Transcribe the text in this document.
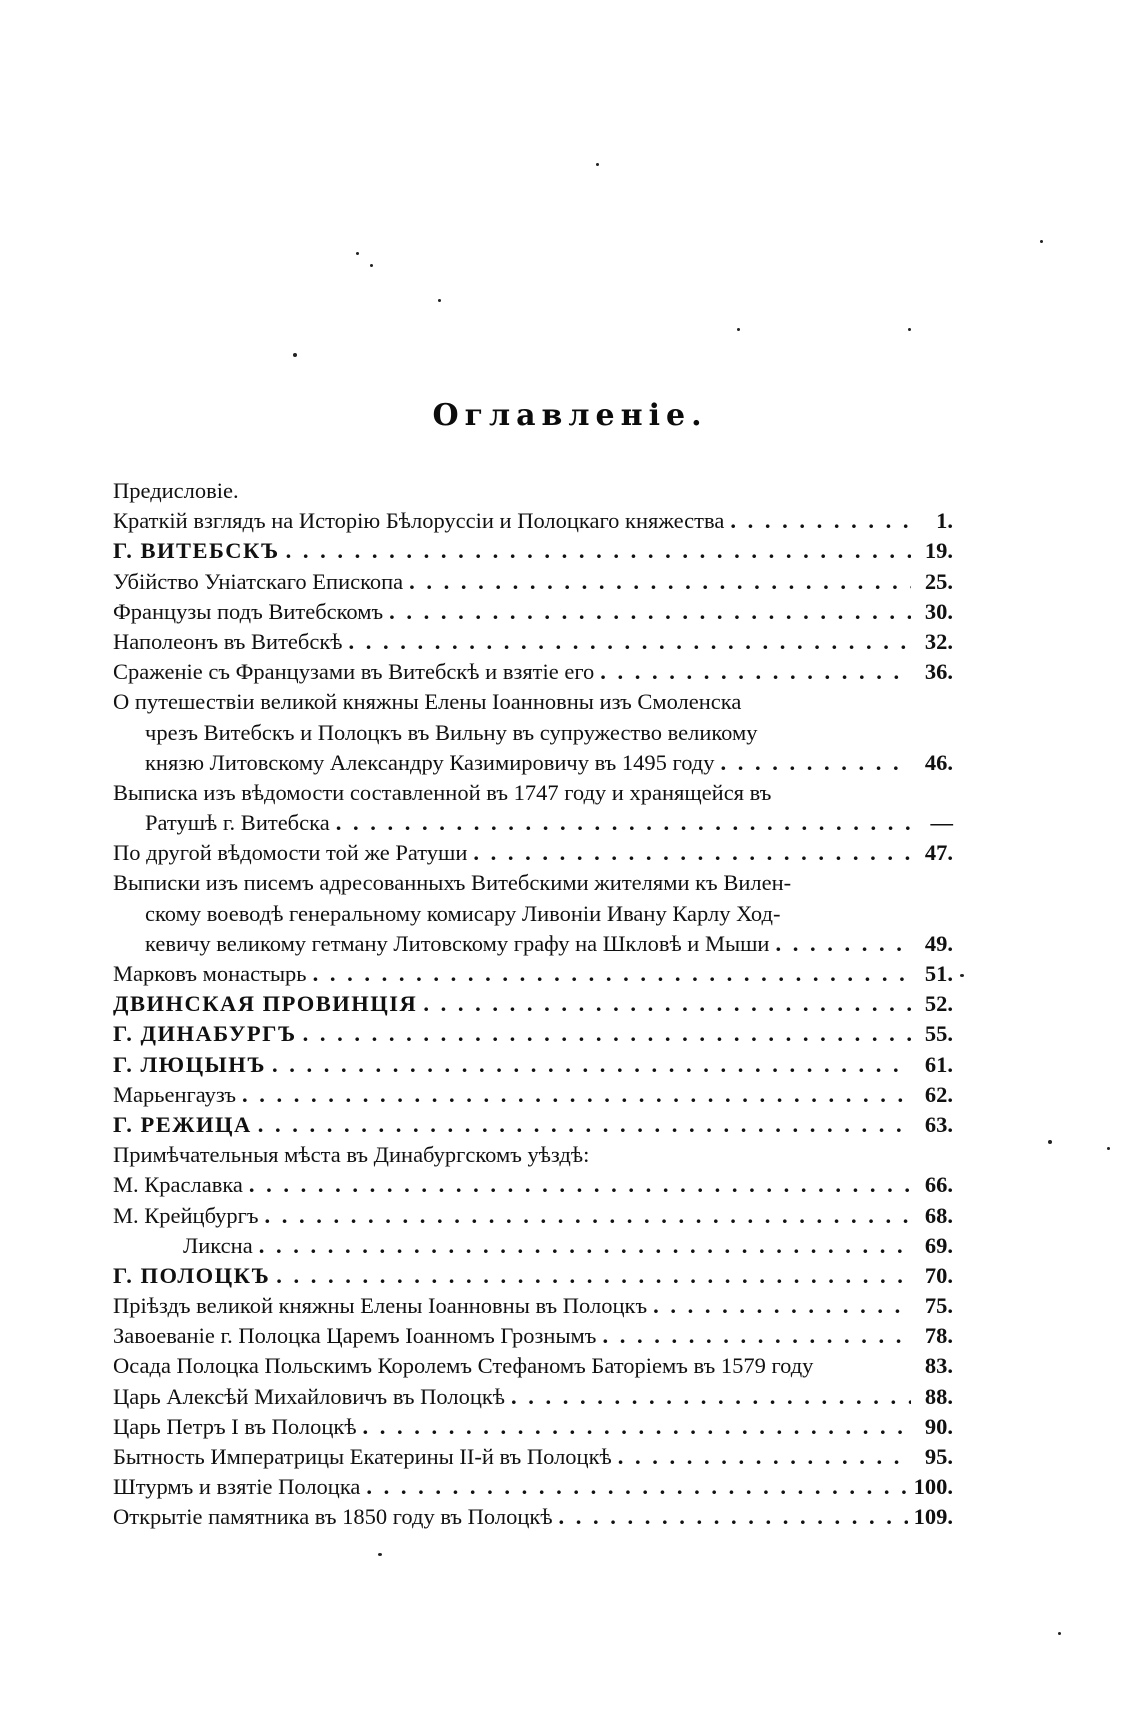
Оглавленіе.
Предисловіе.
Краткій взглядъ на Исторію Бѣлоруссіи и Полоцкаго княжества . . .	1.
Г. ВИТЕБСКЪ . . .	19.
Убійство Уніатскаго Епископа . . .	25.
Французы подъ Витебскомъ . . .	30.
Наполеонъ въ Витебскѣ . . .	32.
Сраженіе съ Французами въ Витебскѣ и взятіе его . . .	36.
О путешествіи великой княжны Елены Іоанновны изъ Смоленска
чрезъ Витебскъ и Полоцкъ въ Вильну въ супружество великому
князю Литовскому Александру Казимировичу въ 1495 году . . .	46.
Выписка изъ вѣдомости составленной въ 1747 году и хранящейся въ
Ратушѣ г. Витебска . . .	—
По другой вѣдомости той же Ратуши . . .	47.
Выписки изъ писемъ адресованныхъ Витебскими жителями къ Вилен-
скому воеводѣ генеральному комисару Ливоніи Ивану Карлу Ход-
кевичу великому гетману Литовскому графу на Шкловѣ и Мыши . . .	49.
Марковъ монастырь . . .	51.
ДВИНСКАЯ ПРОВИНЦІЯ . . .	52.
Г. ДИНАБУРГЪ . . .	55.
Г. ЛЮЦЫНЪ . . .	61.
Марьенгаузъ . . .	62.
Г. РЕЖИЦА . . .	63.
Примѣчательныя мѣста въ Динабургскомъ уѣздѣ:
М. Краславка . . .	66.
М. Крейцбургъ . . .	68.
Ликсна . . .	69.
Г. ПОЛОЦКЪ . . .	70.
Пріѣздъ великой княжны Елены Іоанновны въ Полоцкъ . . .	75.
Завоеваніе г. Полоцка Царемъ Іоанномъ Грознымъ . . .	78.
Осада Полоцка Польскимъ Королемъ Стефаномъ Баторіемъ въ 1579 году	83.
Царь Алексѣй Михайловичъ въ Полоцкѣ . . .	88.
Царь Петръ I въ Полоцкѣ . . .	90.
Бытность Императрицы Екатерины II-й въ Полоцкѣ . . .	95.
Штурмъ и взятіе Полоцка . . .	100.
Открытіе памятника въ 1850 году въ Полоцкѣ . . .	109.
